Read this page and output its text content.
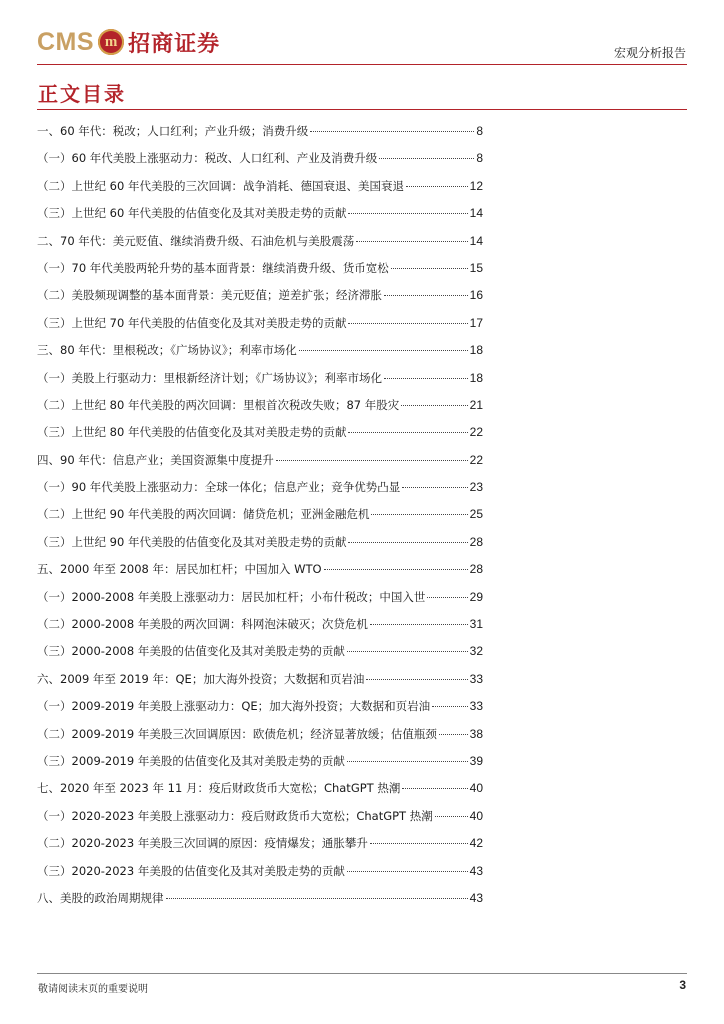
CMS m 招商证券	宏观分析报告
正文目录
一、60 年代：税改；人口红利；产业升级；消费升级	8
（一）60 年代美股上涨驱动力：税改、人口红利、产业及消费升级	8
（二）上世纪 60 年代美股的三次回调：战争消耗、德国衰退、美国衰退	12
（三）上世纪 60 年代美股的估值变化及其对美股走势的贡献	14
二、70 年代：美元贬值、继续消费升级、石油危机与美股震荡	14
（一）70 年代美股两轮升势的基本面背景：继续消费升级、货币宽松	15
（二）美股频现调整的基本面背景：美元贬值；逆差扩张；经济滞胀	16
（三）上世纪 70 年代美股的估值变化及其对美股走势的贡献	17
三、80 年代：里根税改；《广场协议》；利率市场化	18
（一）美股上行驱动力：里根新经济计划；《广场协议》；利率市场化	18
（二）上世纪 80 年代美股的两次回调：里根首次税改失败；87 年股灾	21
（三）上世纪 80 年代美股的估值变化及其对美股走势的贡献	22
四、90 年代：信息产业；美国资源集中度提升	22
（一）90 年代美股上涨驱动力：全球一体化；信息产业；竞争优势凸显	23
（二）上世纪 90 年代美股的两次回调：储贷危机；亚洲金融危机	25
（三）上世纪 90 年代美股的估值变化及其对美股走势的贡献	28
五、2000 年至 2008 年：居民加杠杆；中国加入 WTO	28
（一）2000-2008 年美股上涨驱动力：居民加杠杆；小布什税改；中国入世	29
（二）2000-2008 年美股的两次回调：科网泡沫破灭；次贷危机	31
（三）2000-2008 年美股的估值变化及其对美股走势的贡献	32
六、2009 年至 2019 年：QE；加大海外投资；大数据和页岩油	33
（一）2009-2019 年美股上涨驱动力：QE；加大海外投资；大数据和页岩油	33
（二）2009-2019 年美股三次回调原因：欧债危机；经济显著放缓；估值瓶颈	38
（三）2009-2019 年美股的估值变化及其对美股走势的贡献	39
七、2020 年至 2023 年 11 月：疫后财政货币大宽松；ChatGPT 热潮	40
（一）2020-2023 年美股上涨驱动力：疫后财政货币大宽松；ChatGPT 热潮	40
（二）2020-2023 年美股三次回调的原因：疫情爆发；通胀攀升	42
（三）2020-2023 年美股的估值变化及其对美股走势的贡献	43
八、美股的政治周期规律	43
敬请阅读末页的重要说明	3
